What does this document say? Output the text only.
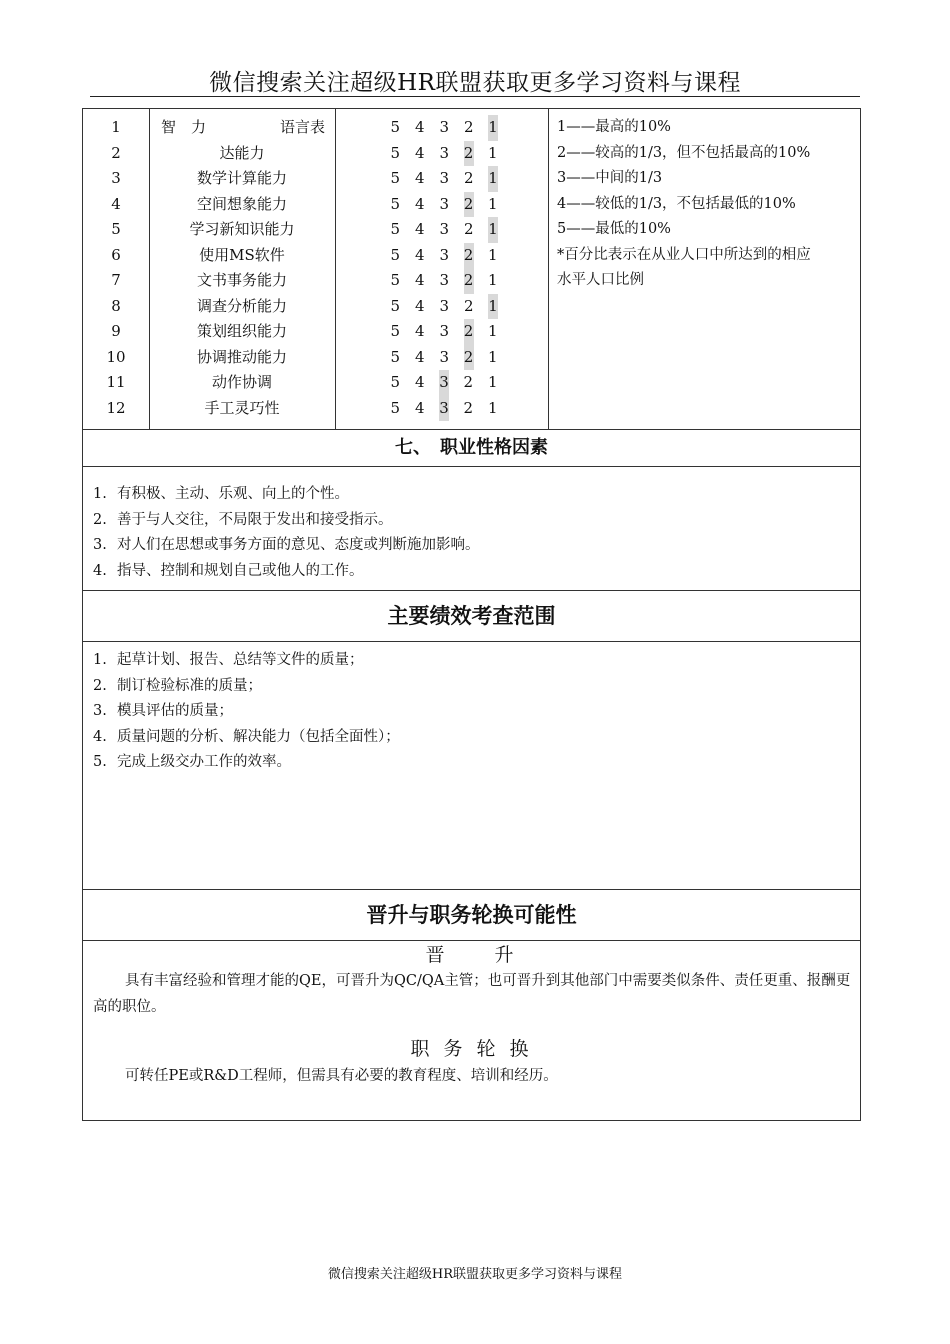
微信搜索关注超级HR联盟获取更多学习资料与课程
1
2
3
4
5
6
7
8
9
10
11
12
智　力	语言表
达能力
数学计算能力
空间想象能力
学习新知识能力
使用MS软件
文书事务能力
调查分析能力
策划组织能力
协调推动能力
动作协调
手工灵巧性
5 4 3 2 1
5 4 3 2 1
5 4 3 2 1
5 4 3 2 1
5 4 3 2 1
5 4 3 2 1
5 4 3 2 1
5 4 3 2 1
5 4 3 2 1
5 4 3 2 1
5 4 3 2 1
5 4 3 2 1
1——最高的10%
2——较高的1/3，但不包括最高的10%
3——中间的1/3
4——较低的1/3，不包括最低的10%
5——最低的10%
*百分比表示在从业人口中所达到的相应
水平人口比例
七、　职业性格因素
1. 有积极、主动、乐观、向上的个性。
2. 善于与人交往，不局限于发出和接受指示。
3. 对人们在思想或事务方面的意见、态度或判断施加影响。
4. 指导、控制和规划自己或他人的工作。
主要绩效考查范围
1. 起草计划、报告、总结等文件的质量；
2. 制订检验标准的质量；
3. 模具评估的质量；
4. 质量问题的分析、解决能力（包括全面性）；
5. 完成上级交办工作的效率。
晋升与职务轮换可能性
晋　　升
具有丰富经验和管理才能的QE，可晋升为QC/QA主管；也可晋升到其他部门中需要类似条件、责任更重、报酬更高的职位。
职 务 轮 换
可转任PE或R&D工程师，但需具有必要的教育程度、培训和经历。
微信搜索关注超级HR联盟获取更多学习资料与课程
